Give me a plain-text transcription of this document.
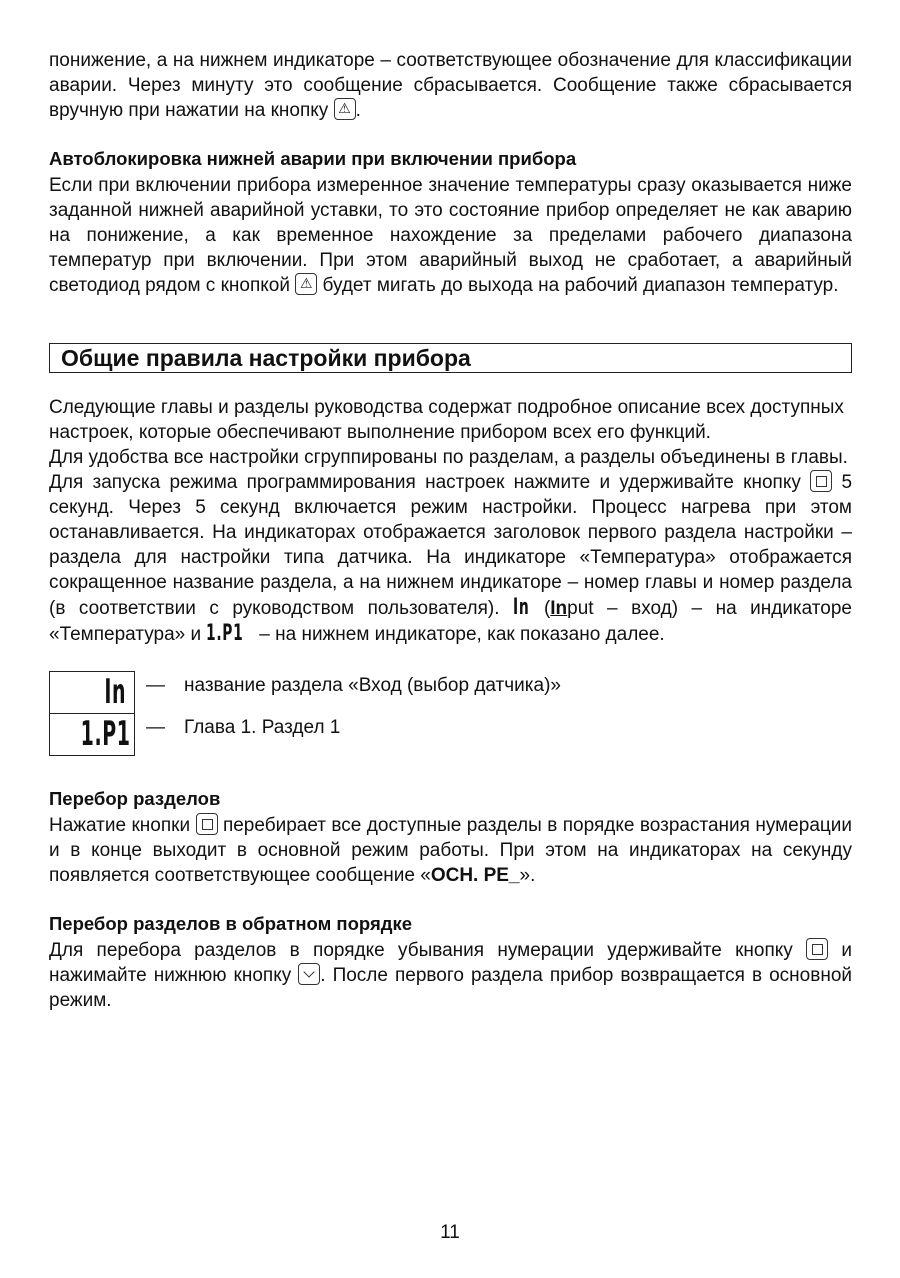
понижение, а на нижнем индикаторе – соответствующее обозначение для классификации аварии. Через минуту это сообщение сбрасывается. Сообщение также сбрасывается вручную при нажатии на кнопку ⚠ .

Автоблокировка нижней аварии при включении прибора

Если при включении прибора измеренное значение температуры сразу оказывается ниже заданной нижней аварийной уставки, то это состояние прибор определяет не как аварию на понижение, а как временное нахождение за пределами рабочего диапазона температур при включении. При этом аварийный выход не сработает, а аварийный светодиод рядом с кнопкой ⚠ будет мигать до выхода на рабочий диапазон температур.

Общие правила настройки прибора

Следующие главы и разделы руководства содержат подробное описание всех доступных настроек, которые обеспечивают выполнение прибором всех его функций.

Для удобства все настройки сгруппированы по разделам, а разделы объединены в главы.

Для запуска режима программирования настроек нажмите и удерживайте кнопку 5 секунд. Через 5 секунд включается режим настройки. Процесс нагрева при этом останавливается. На индикаторах отображается заголовок первого раздела настройки – раздела для настройки типа датчика. На индикаторе «Температура» отображается сокращенное название раздела, а на нижнем индикаторе – номер главы и номер раздела (в соответствии с руководством пользователя). In (Input – вход) – на индикаторе «Температура» и 1.P1 – на нижнем индикаторе, как показано далее.

In
1.P1
— название раздела «Вход (выбор датчика)»
— Глава 1. Раздел 1

Перебор разделов

Нажатие кнопки перебирает все доступные разделы в порядке возрастания нумерации и в конце выходит в основной режим работы. При этом на индикаторах на секунду появляется соответствующее сообщение «ОСН. РЕ_».

Перебор разделов в обратном порядке

Для перебора разделов в порядке убывания нумерации удерживайте кнопку	и нажимайте нижнюю кнопку . После первого раздела прибор возвращается в основной режим.

11
